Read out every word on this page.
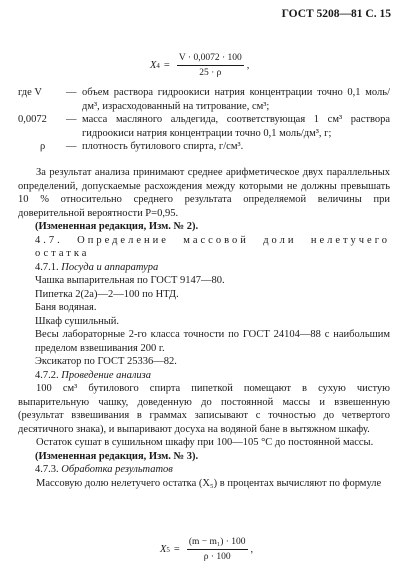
ГОСТ 5208—81 С. 15
X $4 = \frac{V \cdot 0,0072 \cdot 100}{25 \cdot \rho}$ ,
где V	— объем раствора гидроокиси натрия концентрации точно 0,1 моль/дм³, израсходованный на титрование, см³;
0,0072	— масса масляного альдегида, соответствующая 1 см³ раствора гидроокиси натрия концентрации точно 0,1 моль/дм³, г;
ρ	— плотность бутилового спирта, г/см³.

За результат анализа принимают среднее арифметическое двух параллельных определений, допускаемые расхождения между которыми не должны превышать 10 % относительно среднего результата определяемой величины при доверительной вероятности P=0,95.

(Измененная редакция, Изм. № 2).

4.7. Определение массовой доли нелетучего остатка

4.7.1. Посуда и аппаратура

Чашка выпарительная по ГОСТ 9147—80.

Пипетка 2(2а)—2—100 по НТД.

Баня водяная.

Шкаф сушильный.

Весы лабораторные 2-го класса точности по ГОСТ 24104—88 с наибольшим пределом взвешивания 200 г.

Эксикатор по ГОСТ 25336—82.

4.7.2. Проведение анализа

100 см³ бутилового спирта пипеткой помещают в сухую чистую выпарительную чашку, доведенную до постоянной массы и взвешенную (результат взвешивания в граммах записывают с точностью до четвертого десятичного знака), и выпаривают досуха на водяной бане в вытяжном шкафу.

Остаток сушат в сушильном шкафу при 100—105 °С до постоянной массы.

(Измененная редакция, Изм. № 3).

4.7.3. Обработка результатов

Массовую долю нелетучего остатка (X₅) в процентах вычисляют по формуле

X $5 = \frac{\text{(m − m₁) · 100}}{\rho \cdot 100}$ ,
